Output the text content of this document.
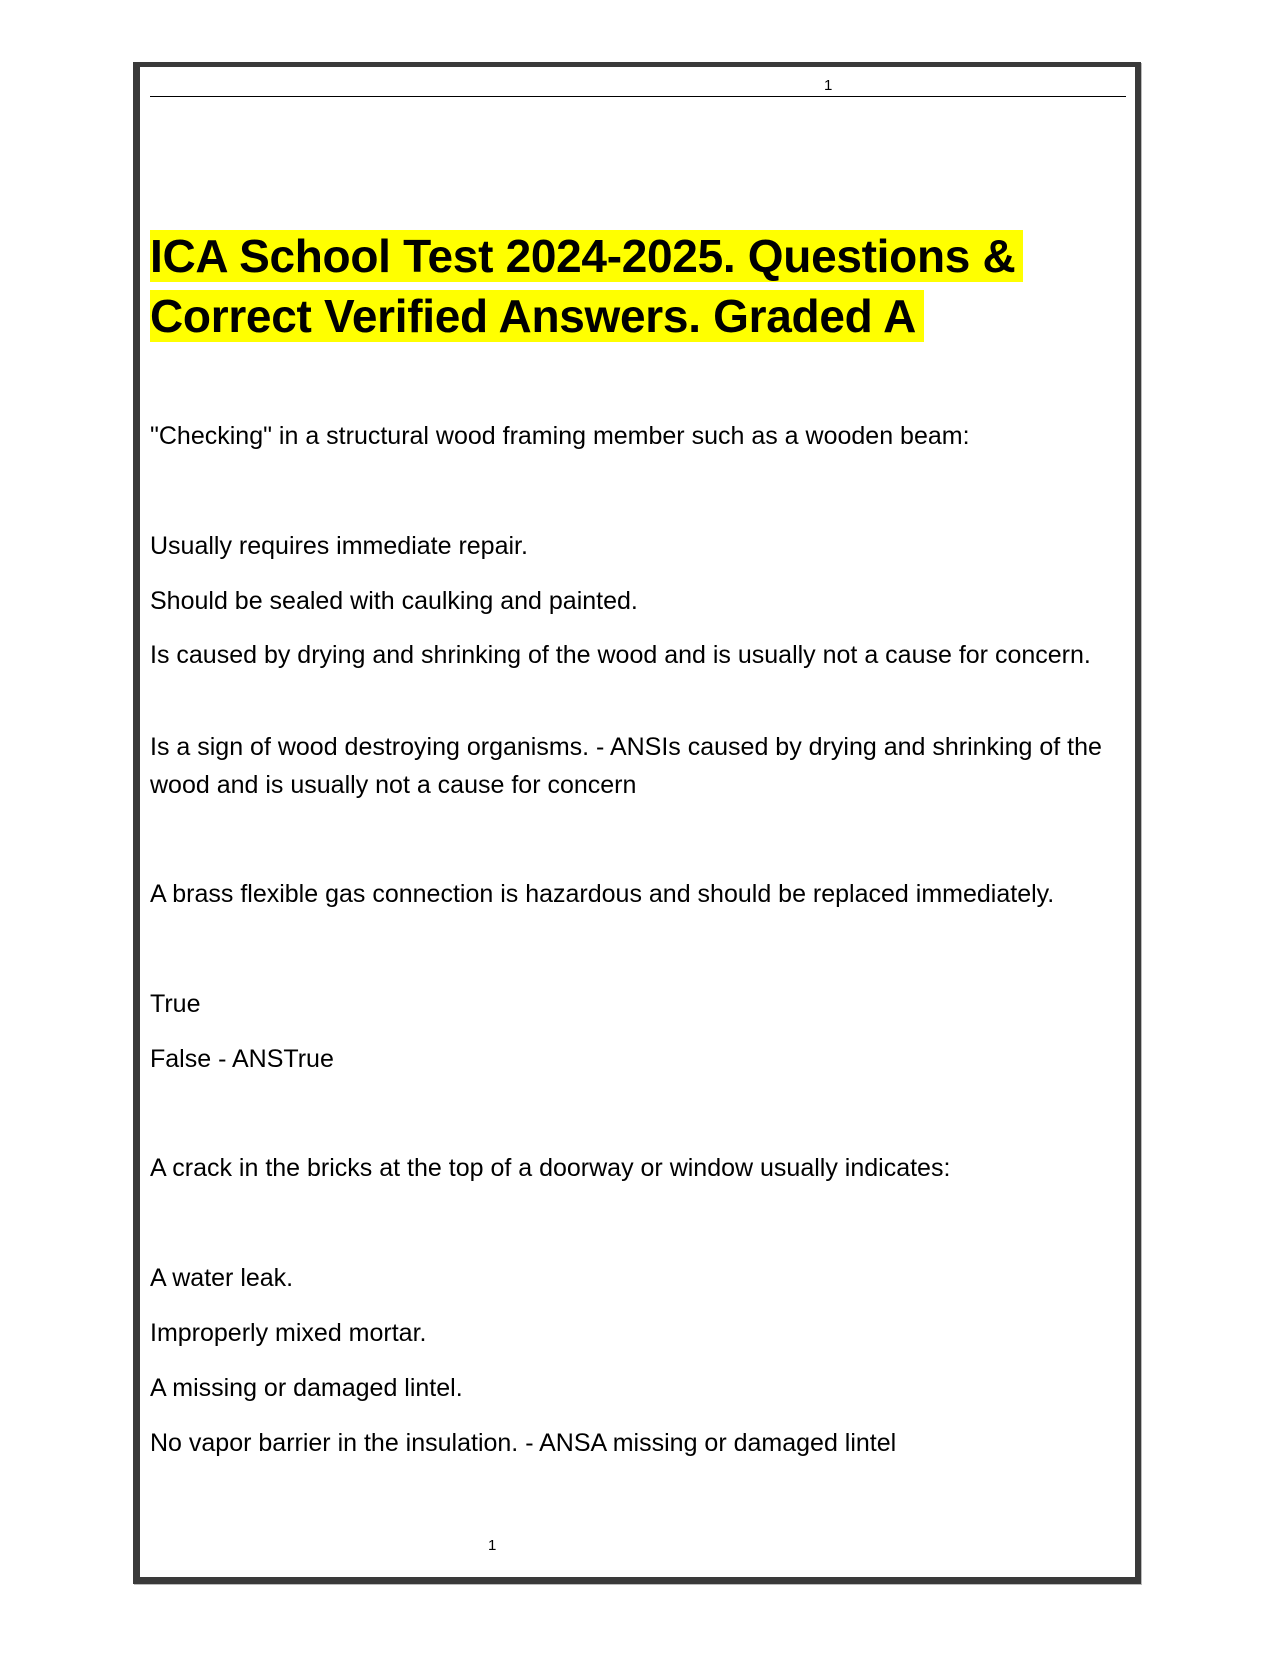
1
ICA School Test 2024-2025. Questions & Correct Verified Answers. Graded A

"Checking" in a structural wood framing member such as a wooden beam:

Usually requires immediate repair.

Should be sealed with caulking and painted.

Is caused by drying and shrinking of the wood and is usually not a cause for concern.

Is a sign of wood destroying organisms. - ANSIs caused by drying and shrinking of the wood and is usually not a cause for concern

A brass flexible gas connection is hazardous and should be replaced immediately.

True

False - ANSTrue

A crack in the bricks at the top of a doorway or window usually indicates:

A water leak.

Improperly mixed mortar.

A missing or damaged lintel.

No vapor barrier in the insulation. - ANSA missing or damaged lintel

1
